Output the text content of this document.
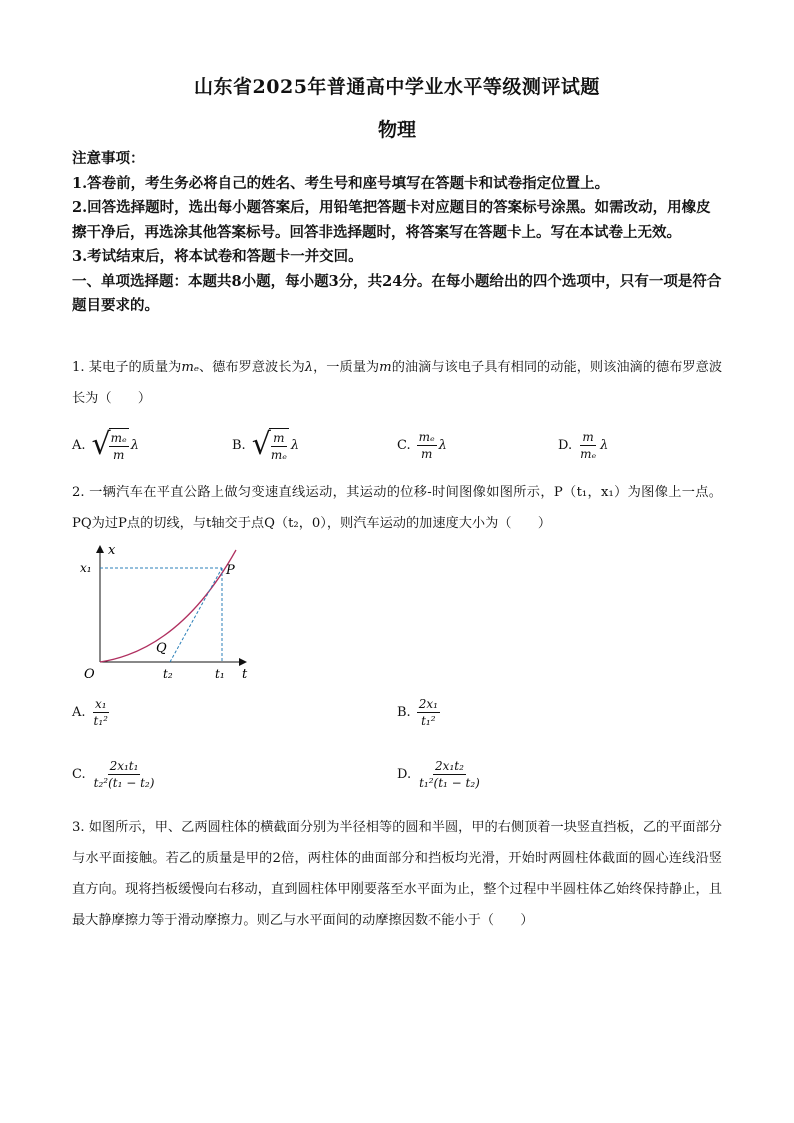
山东省2025年普通高中学业水平等级测评试题
物理

注意事项：

1.答卷前，考生务必将自己的姓名、考生号和座号填写在答题卡和试卷指定位置上。

2.回答选择题时，选出每小题答案后，用铅笔把答题卡对应题目的答案标号涂黑。如需改动，用橡皮擦干净后，再选涂其他答案标号。回答非选择题时，将答案写在答题卡上。写在本试卷上无效。

3.考试结束后，将本试卷和答题卡一并交回。

一、单项选择题：本题共8小题，每小题3分，共24分。在每小题给出的四个选项中，只有一项是符合题目要求的。

1. 某电子的质量为mₑ、德布罗意波长为λ，一质量为m的油滴与该电子具有相同的动能，则该油滴的德布罗意波长为（　　）

A. √
$\frac{\text{mₑ}}{m}$ λ	B. √
$\frac{m}{\text{mₑ}}$ λ	C. $\frac{\text{mₑ}}{m}$ λ	D. $\frac{m}{\text{mₑ}}$ λ

2. 一辆汽车在平直公路上做匀变速直线运动，其运动的位移-时间图像如图所示，P（t₁，x₁）为图像上一点。PQ为过P点的切线，与t轴交于点Q（t₂，0），则汽车运动的加速度大小为（　　）

x
t
O
P
Q
x₁
t₁
t₂
A. $\frac{\text{x₁}}{\text{t₁²}}$	B. $\frac{\text{2x₁}}{\text{t₁²}}$
C. $\frac{\text{2x₁t₁}}{\text{t₂²(t₁ − t₂)}}$	D. $\frac{\text{2x₁t₂}}{\text{t₁²(t₁ − t₂)}}$

3. 如图所示，甲、乙两圆柱体的横截面分别为半径相等的圆和半圆，甲的右侧顶着一块竖直挡板，乙的平面部分与水平面接触。若乙的质量是甲的2倍，两柱体的曲面部分和挡板均光滑，开始时两圆柱体截面的圆心连线沿竖直方向。现将挡板缓慢向右移动，直到圆柱体甲刚要落至水平面为止，整个过程中半圆柱体乙始终保持静止，且最大静摩擦力等于滑动摩擦力。则乙与水平面间的动摩擦因数不能小于（　　）
